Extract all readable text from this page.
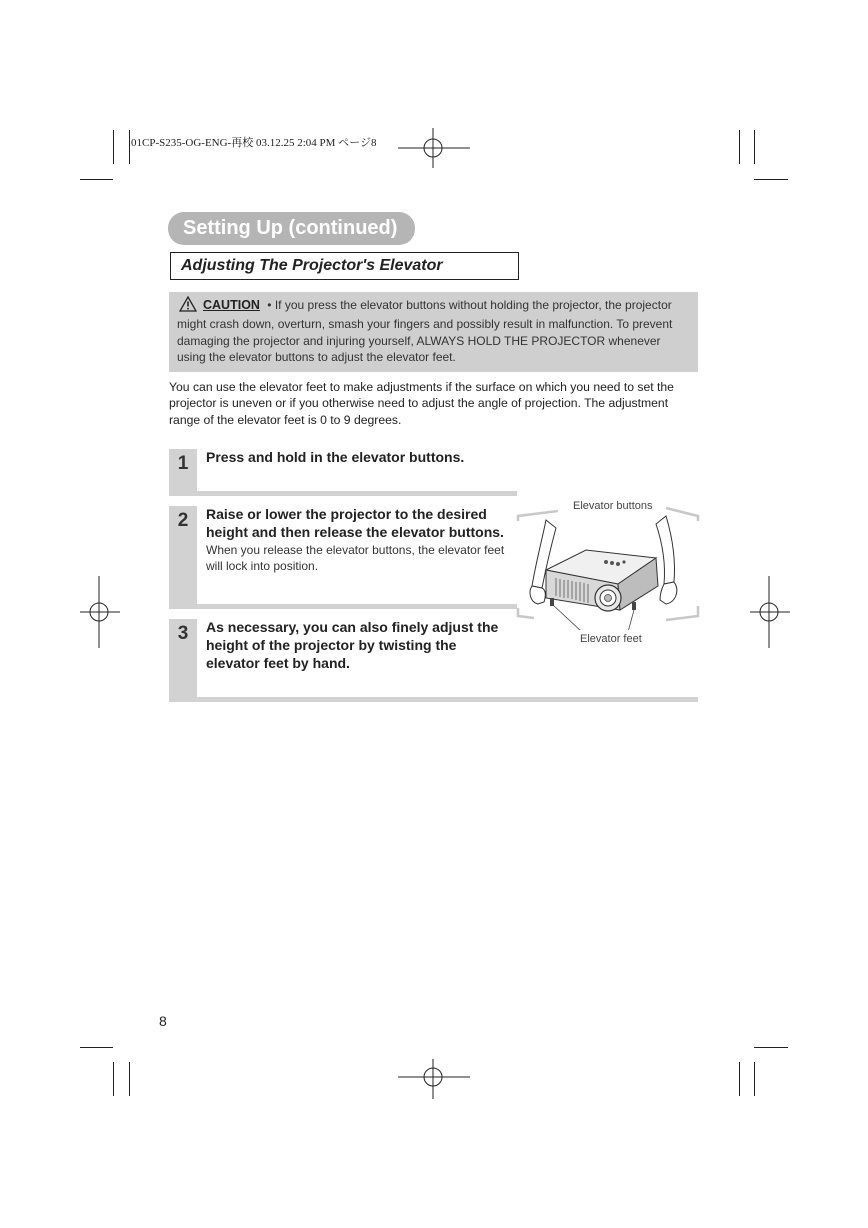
01CP-S235-OG-ENG-再校 03.12.25 2:04 PM ページ8
Setting Up (continued)
Adjusting The Projector's Elevator
CAUTION • If you press the elevator buttons without holding the projector, the projector might crash down, overturn, smash your fingers and possibly result in malfunction. To prevent damaging the projector and injuring yourself, ALWAYS HOLD THE PROJECTOR whenever using the elevator buttons to adjust the elevator feet.
You can use the elevator feet to make adjustments if the surface on which you need to set the projector is uneven or if you otherwise need to adjust the angle of projection. The adjustment range of the elevator feet is 0 to 9 degrees.
1	Press and hold in the elevator buttons.
2	Raise or lower the projector to the desired height and then release the elevator buttons.
When you release the elevator buttons, the elevator feet will lock into position.
3	As necessary, you can also finely adjust the height of the projector by twisting the elevator feet by hand.
Elevator buttons
Elevator feet
8
